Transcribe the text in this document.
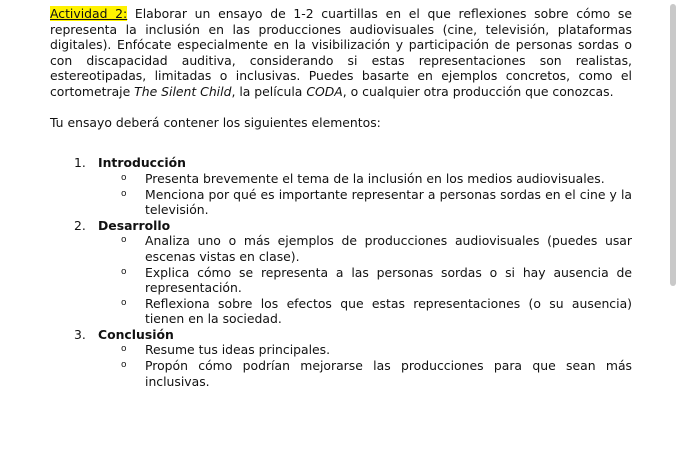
Actividad 2: Elaborar un ensayo de 1-2 cuartillas en el que reflexiones sobre cómo se representa la inclusión en las producciones audiovisuales (cine, televisión, plataformas digitales). Enfócate especialmente en la visibilización y participación de personas sordas o con discapacidad auditiva, considerando si estas representaciones son realistas, estereotipadas, limitadas o inclusivas. Puedes basarte en ejemplos concretos, como el cortometraje The Silent Child, la película CODA, o cualquier otra producción que conozcas.

Tu ensayo deberá contener los siguientes elementos:

1. Introducción
o Presenta brevemente el tema de la inclusión en los medios audiovisuales.
o Menciona por qué es importante representar a personas sordas en el cine y la televisión.
2. Desarrollo
o Analiza uno o más ejemplos de producciones audiovisuales (puedes usar escenas vistas en clase).
o Explica cómo se representa a las personas sordas o si hay ausencia de representación.
o Reflexiona sobre los efectos que estas representaciones (o su ausencia) tienen en la sociedad.
3. Conclusión
o Resume tus ideas principales.
o Propón cómo podrían mejorarse las producciones para que sean más inclusivas.
